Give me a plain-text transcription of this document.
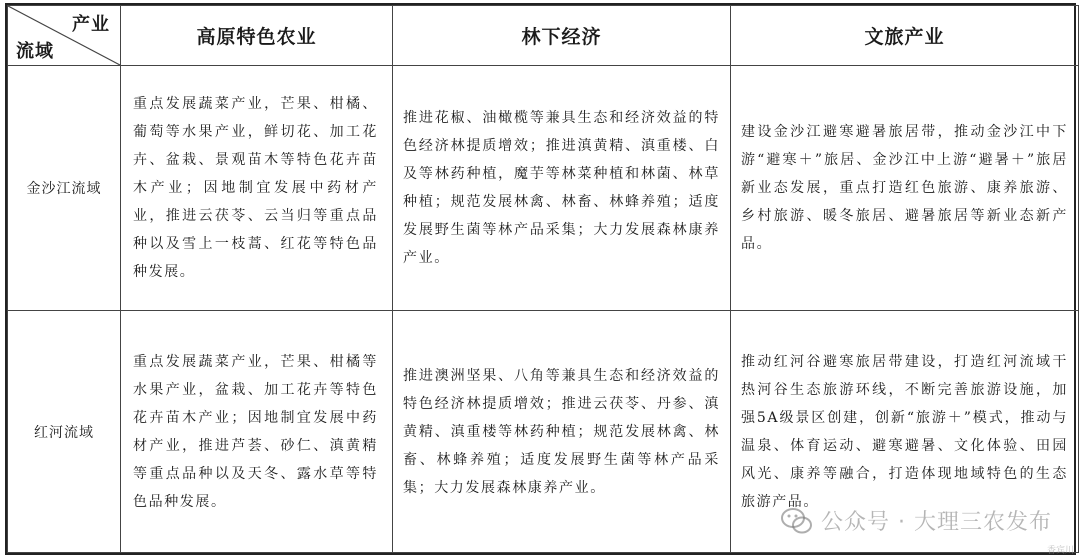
产业
流域	高原特色农业	林下经济	文旅产业
金沙江流域	重点发展蔬菜产业，芒果、柑橘、葡萄等水果产业，鲜切花、加工花卉、盆栽、景观苗木等特色花卉苗木产业；因地制宜发展中药材产业，推进云茯苓、云当归等重点品种以及雪上一枝蒿、红花等特色品种发展。	推进花椒、油橄榄等兼具生态和经济效益的特色经济林提质增效；推进滇黄精、滇重楼、白及等林药种植，魔芋等林菜种植和林菌、林草种植；规范发展林禽、林畜、林蜂养殖；适度发展野生菌等林产品采集；大力发展森林康养产业。	建设金沙江避寒避暑旅居带，推动金沙江中下游“避寒＋”旅居、金沙江中上游“避暑＋”旅居新业态发展，重点打造红色旅游、康养旅游、乡村旅游、暖冬旅居、避暑旅居等新业态新产品。
红河流域	重点发展蔬菜产业，芒果、柑橘等水果产业，盆栽、加工花卉等特色花卉苗木产业；因地制宜发展中药材产业，推进芦荟、砂仁、滇黄精等重点品种以及天冬、露水草等特色品种发展。	推进澳洲坚果、八角等兼具生态和经济效益的特色经济林提质增效；推进云茯苓、丹参、滇黄精、滇重楼等林药种植；规范发展林禽、林畜、林蜂养殖；适度发展野生菌等林产品采集；大力发展森林康养产业。	推动红河谷避寒旅居带建设，打造红河流域干热河谷生态旅游环线，不断完善旅游设施，加强5A级景区创建，创新“旅游＋”模式，推动与温泉、体育运动、避寒避暑、文化体验、田园风光、康养等融合，打造体现地域特色的生态旅游产品。
公众号 · 大理三农发布
香宾川
